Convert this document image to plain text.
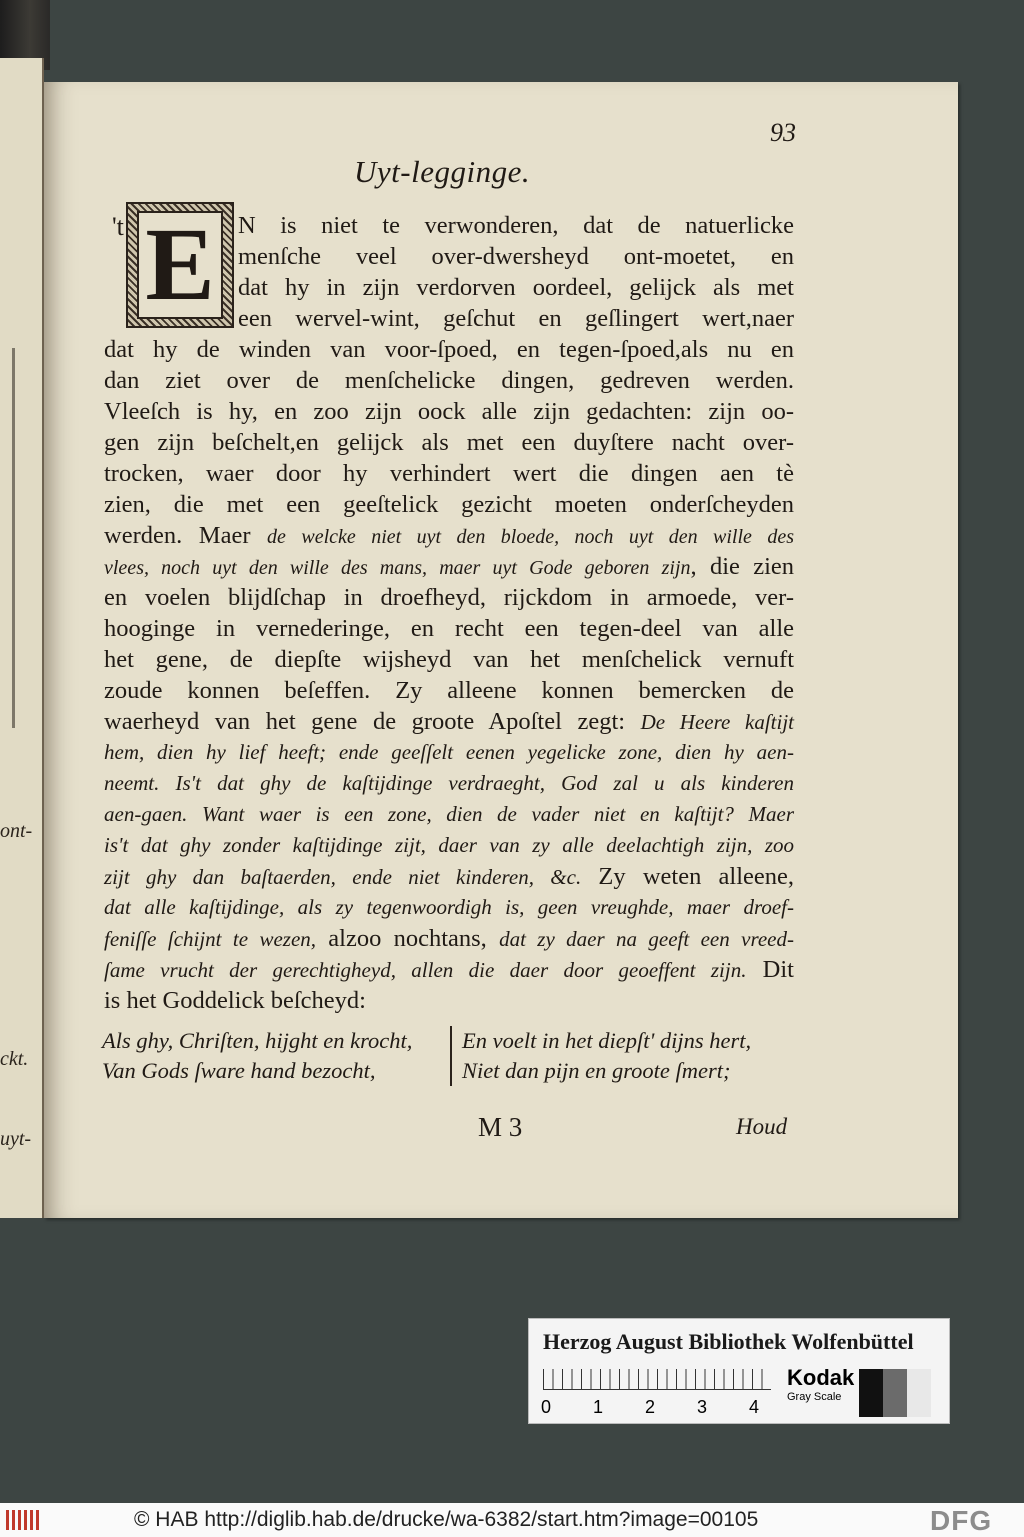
ont-
ckt.
uyt-
93
Uyt-legginge.
't E N is niet te verwonderen, dat de natuerlicke
menſche veel over-dwersheyd ont-moetet, en
dat hy in zijn verdorven oordeel, gelijck als met
een wervel-wint, geſchut en geſlingert wert,naer
dat hy de winden van voor-ſpoed, en tegen-ſpoed,als nu en
dan ziet over de menſchelicke dingen, gedreven werden.
Vleeſch is hy, en zoo zijn oock alle zijn gedachten: zijn oo-
gen zijn beſchelt,en gelijck als met een duyſtere nacht over-
trocken, waer door hy verhindert wert die dingen aen tè
zien, die met een geeſtelick gezicht moeten onderſcheyden
werden. Maer de welcke niet uyt den bloede, noch uyt den wille des
vlees, noch uyt den wille des mans, maer uyt Gode geboren zijn, die zien
en voelen blijdſchap in droefheyd, rijckdom in armoede, ver-
hooginge in vernederinge, en recht een tegen-deel van alle
het gene, de diepſte wijsheyd van het menſchelick vernuft
zoude konnen beſeffen. Zy alleene konnen bemercken de
waerheyd van het gene de groote Apoſtel zegt: De Heere kaſtijt
hem, dien hy lief heeft; ende geeſſelt eenen yegelicke zone, dien hy aen-
neemt. Is't dat ghy de kaſtijdinge verdraeght, God zal u als kinderen
aen-gaen. Want waer is een zone, dien de vader niet en kaſtijt? Maer
is't dat ghy zonder kaſtijdinge zijt, daer van zy alle deelachtigh zijn, zoo
zijt ghy dan baſtaerden, ende niet kinderen, &c. Zy weten alleene,
dat alle kaſtijdinge, als zy tegenwoordigh is, geen vreughde, maer droef-
feniſſe ſchijnt te wezen, alzoo nochtans, dat zy daer na geeft een vreed-
ſame vrucht der gerechtigheyd, allen die daer door geoeffent zijn. Dit
is het Goddelick beſcheyd:
Als ghy, Chriſten, hijght en krocht,
Van Gods ſware hand bezocht,
En voelt in het diepſt' dijns hert,
Niet dan pijn en groote ſmert;
M 3	Houd
Herzog August Bibliothek Wolfenbüttel
0 1 2 3 4
Kodak
Gray Scale
© HAB http://diglib.hab.de/drucke/wa-6382/start.htm?image=00105	DFG
